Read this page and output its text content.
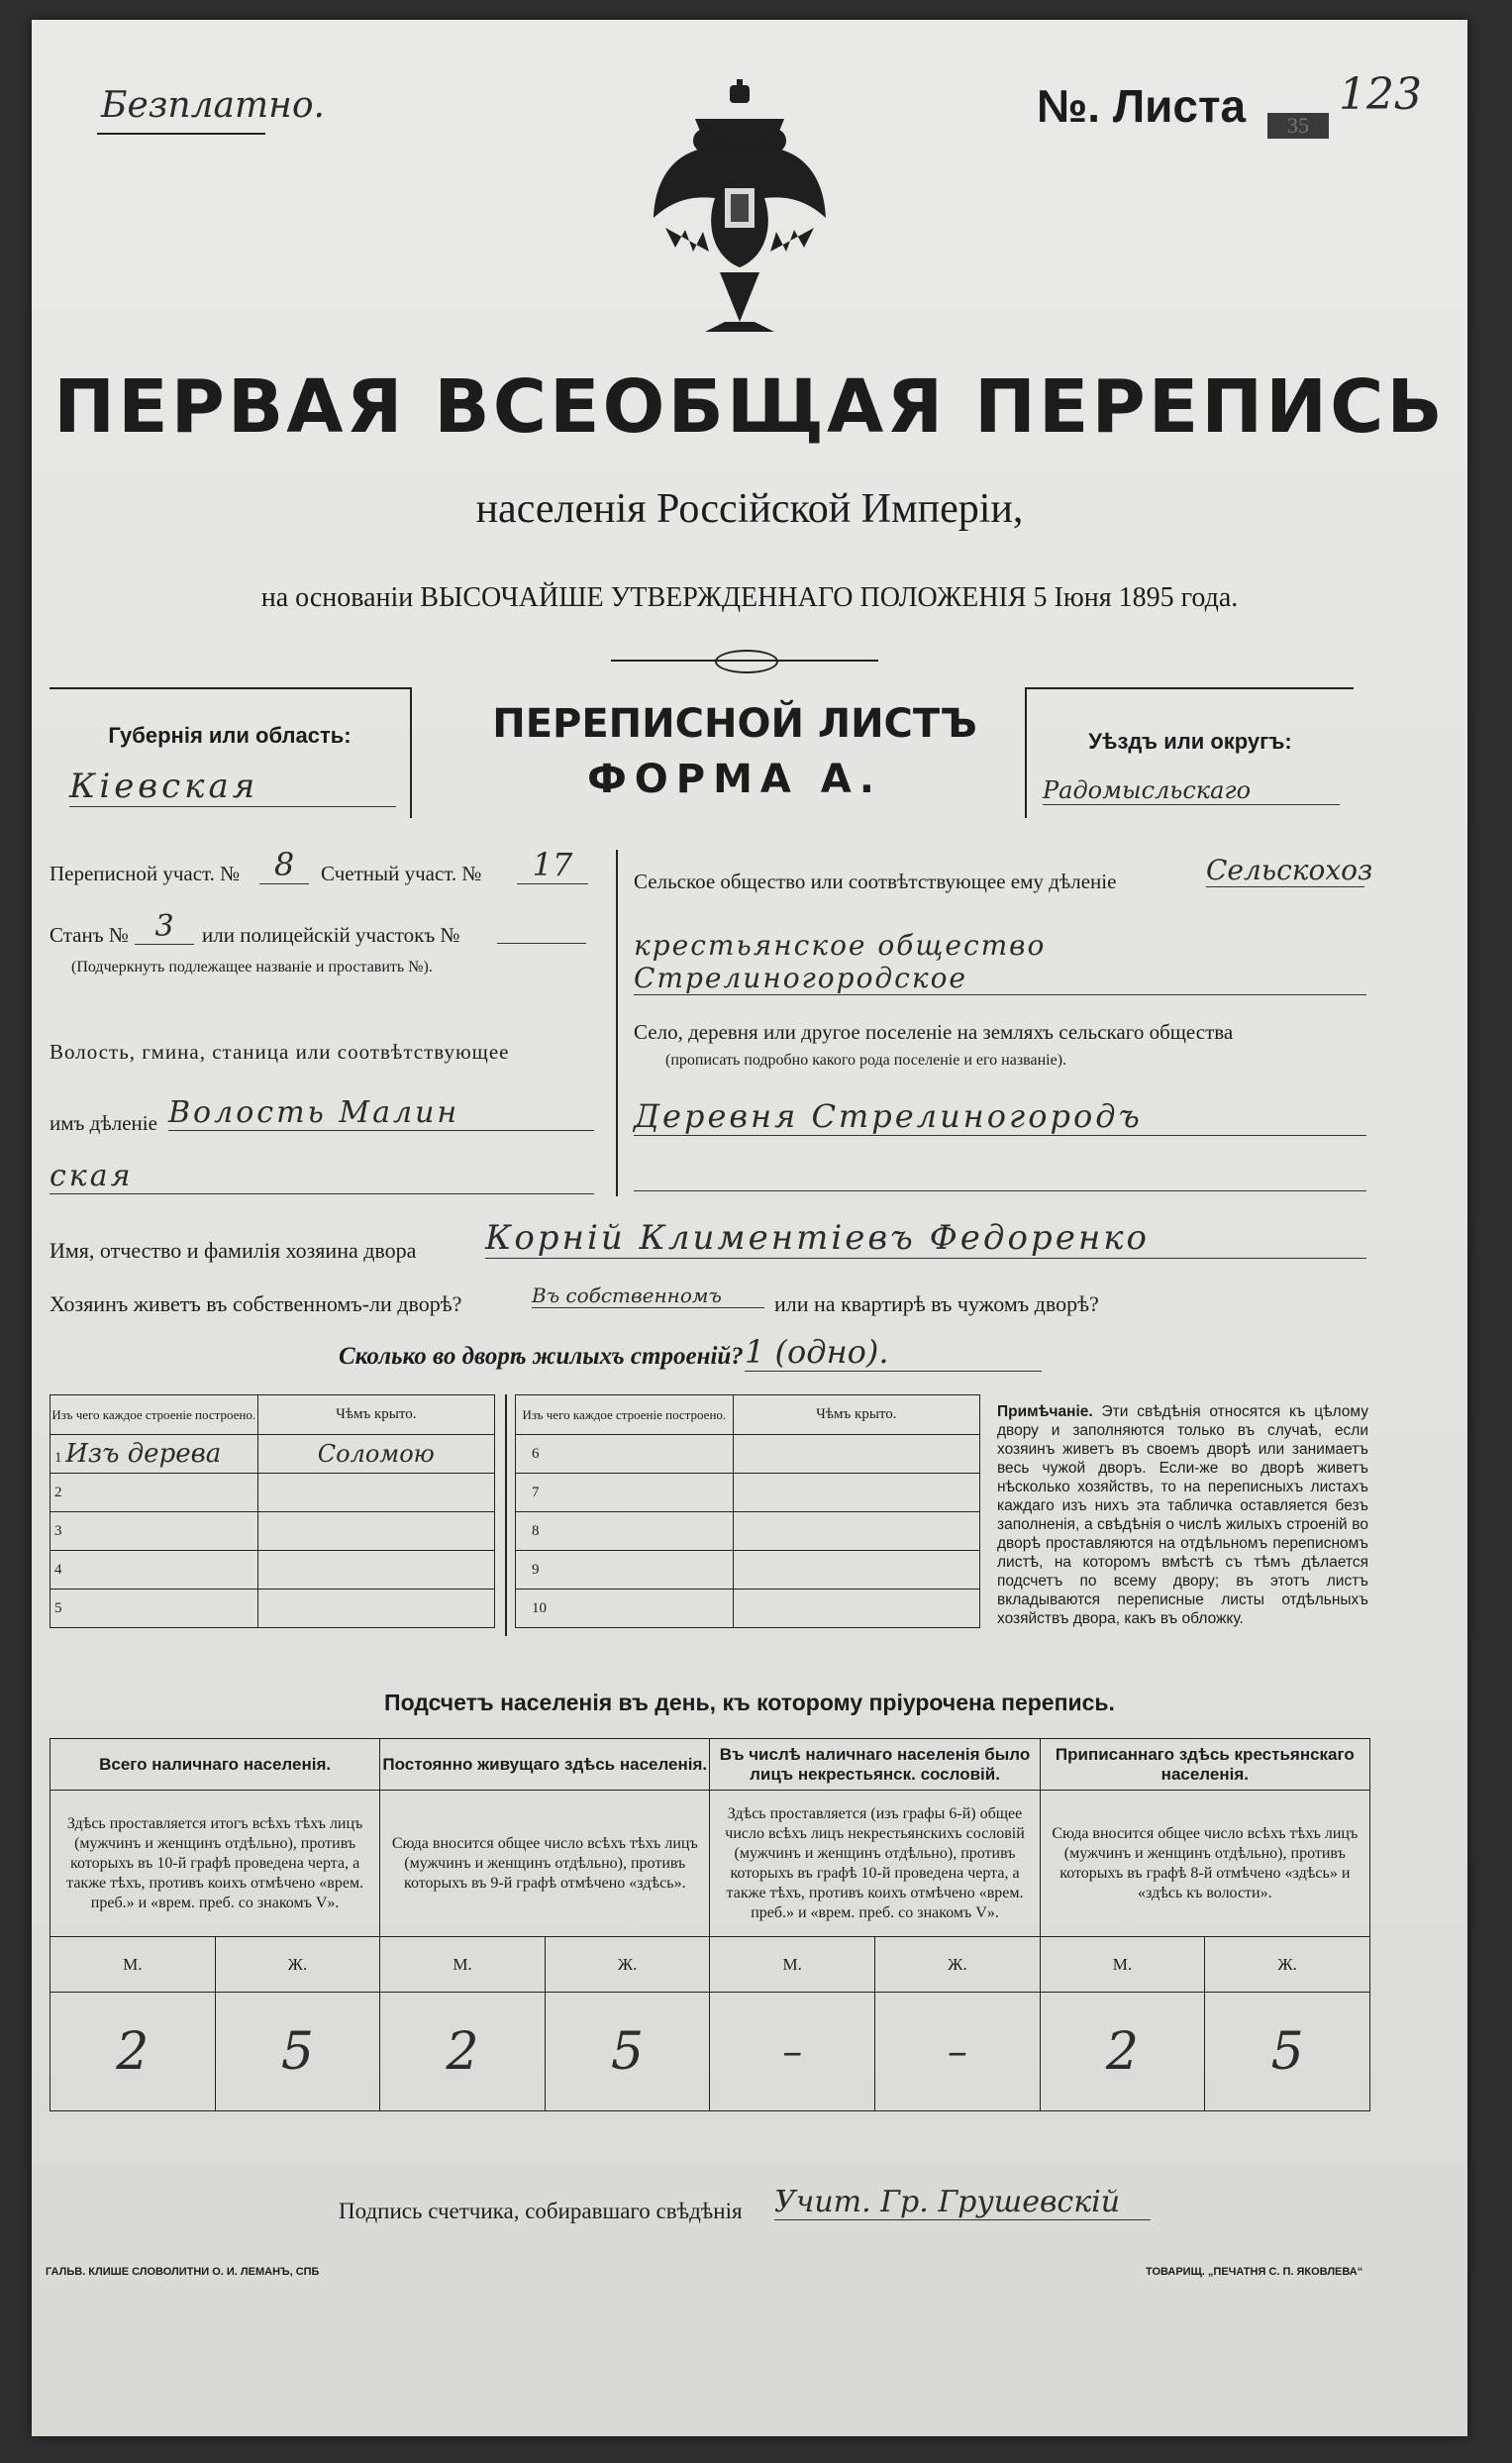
Безплатно.	№. Листа	35
123
ПЕРВАЯ ВСЕОБЩАЯ ПЕРЕПИСЬ
населенія Россійской Имперіи,
на основаніи ВЫСОЧАЙШЕ УТВЕРЖДЕННАГО ПОЛОЖЕНІЯ 5 Іюня 1895 года.
Губернія или область:
Кіевская
ПЕРЕПИСНОЙ ЛИСТЪ
ФОРМА А.
Уѣздъ или округъ:
Радомысльскаго
Переписной участ. №	8	Счетный участ. №	17
Станъ № 3	или полицейскій участокъ №
(Подчеркнуть подлежащее названіе и проставить №).
Волость, гмина, станица или соотвѣтствующее
имъ дѣленіе Волость Малин
ская
Сельское общество или соотвѣтствующее ему дѣленіе	Сельскохоз
крестьянское общество Стрелиногородское
Село, деревня или другое поселеніе на земляхъ сельскаго общества
(прописать подробно какого рода поселеніе и его названіе).
Деревня Стрелиногородъ
Имя, отчество и фамилія хозяина двора Корній Климентіевъ Федоренко
Хозяинъ живетъ въ собственномъ-ли дворѣ?	Въ собственномъ	или на квартирѣ въ чужомъ дворѣ?
Сколько во дворѣ жилыхъ строеній? 1 (одно).
Изъ чего каждое строеніе построено.	Чѣмъ крыто.
1 Изъ дерева	Соломою
2	
3	
4	
5	
Изъ чего каждое строеніе построено.	Чѣмъ крыто.
6	
7	
8	
9	
10	
Примѣчаніе. Эти свѣдѣнія относятся къ цѣлому двору и заполняются только въ случаѣ, если хозяинъ живетъ въ своемъ дворѣ или занимаетъ весь чужой дворъ. Если-же во дворѣ живетъ нѣсколько хозяйствъ, то на переписныхъ листахъ каждаго изъ нихъ эта табличка оставляется безъ заполненія, а свѣдѣнія о числѣ жилыхъ строеній во дворѣ проставляются на отдѣльномъ переписномъ листѣ, на которомъ вмѣстѣ съ тѣмъ дѣлается подсчетъ по всему двору; въ этотъ листъ вкладываются переписные листы отдѣльныхъ хозяйствъ двора, какъ въ обложку.
Подсчетъ населенія въ день, къ которому пріурочена перепись.
Всего наличнаго населенія.		Постоянно живущаго здѣсь населенія.		Въ числѣ наличнаго населенія было лицъ некрестьянск. сословій.		Приписаннаго здѣсь крестьянскаго населенія.	
Здѣсь проставляется итогъ всѣхъ тѣхъ лицъ (мужчинъ и женщинъ отдѣльно), противъ которыхъ въ 10-й графѣ проведена черта, а также тѣхъ, противъ коихъ отмѣчено «врем. преб.» и «врем. преб. со знакомъ V».		Сюда вносится общее число всѣхъ тѣхъ лицъ (мужчинъ и женщинъ отдѣльно), противъ которыхъ въ 9-й графѣ отмѣчено «здѣсь».		Здѣсь проставляется (изъ графы 6-й) общее число всѣхъ лицъ некрестьянскихъ сословій (мужчинъ и женщинъ отдѣльно), противъ которыхъ въ графѣ 10-й проведена черта, а также тѣхъ, противъ коихъ отмѣчено «врем. преб.» и «врем. преб. со знакомъ V».		Сюда вносится общее число всѣхъ тѣхъ лицъ (мужчинъ и женщинъ отдѣльно), противъ которыхъ въ графѣ 8-й отмѣчено «здѣсь» и «здѣсь къ волости».	
М.	Ж.	М.	Ж.	М.	Ж.	М.	Ж.
2	5	2	5	–	–	2	5
Подпись счетчика, собиравшаго свѣдѣнія Учит. Гр. Грушевскій
ГАЛЬВ. КЛИШЕ СЛОВОЛИТНИ О. И. ЛЕМАНЪ, СПБ	ТОВАРИЩ. „ПЕЧАТНЯ С. П. ЯКОВЛЕВА“
